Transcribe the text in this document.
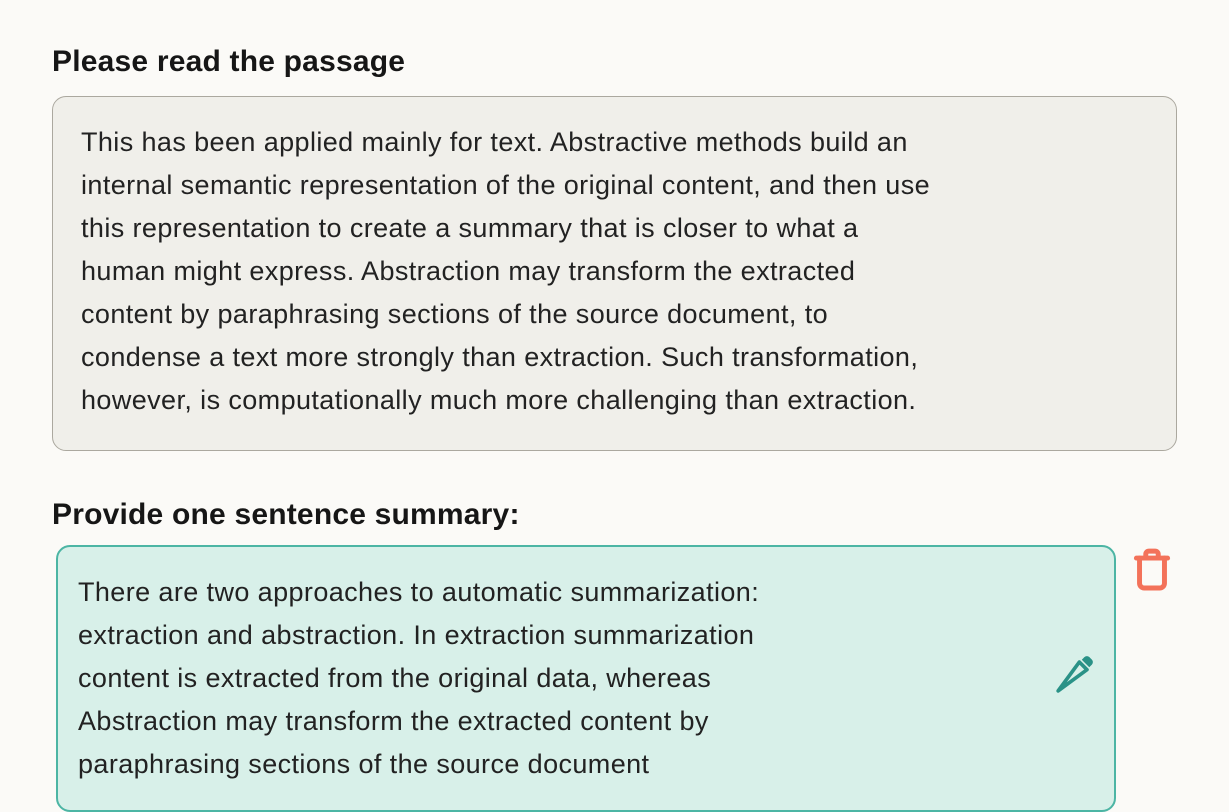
Please read the passage
This has been applied mainly for text. Abstractive methods build an
internal semantic representation of the original content, and then use
this representation to create a summary that is closer to what a
human might express. Abstraction may transform the extracted
content by paraphrasing sections of the source document, to
condense a text more strongly than extraction. Such transformation,
however, is computationally much more challenging than extraction.
Provide one sentence summary:
There are two approaches to automatic summarization:
extraction and abstraction. In extraction summarization
content is extracted from the original data, whereas
Abstraction may transform the extracted content by
paraphrasing sections of the source document
